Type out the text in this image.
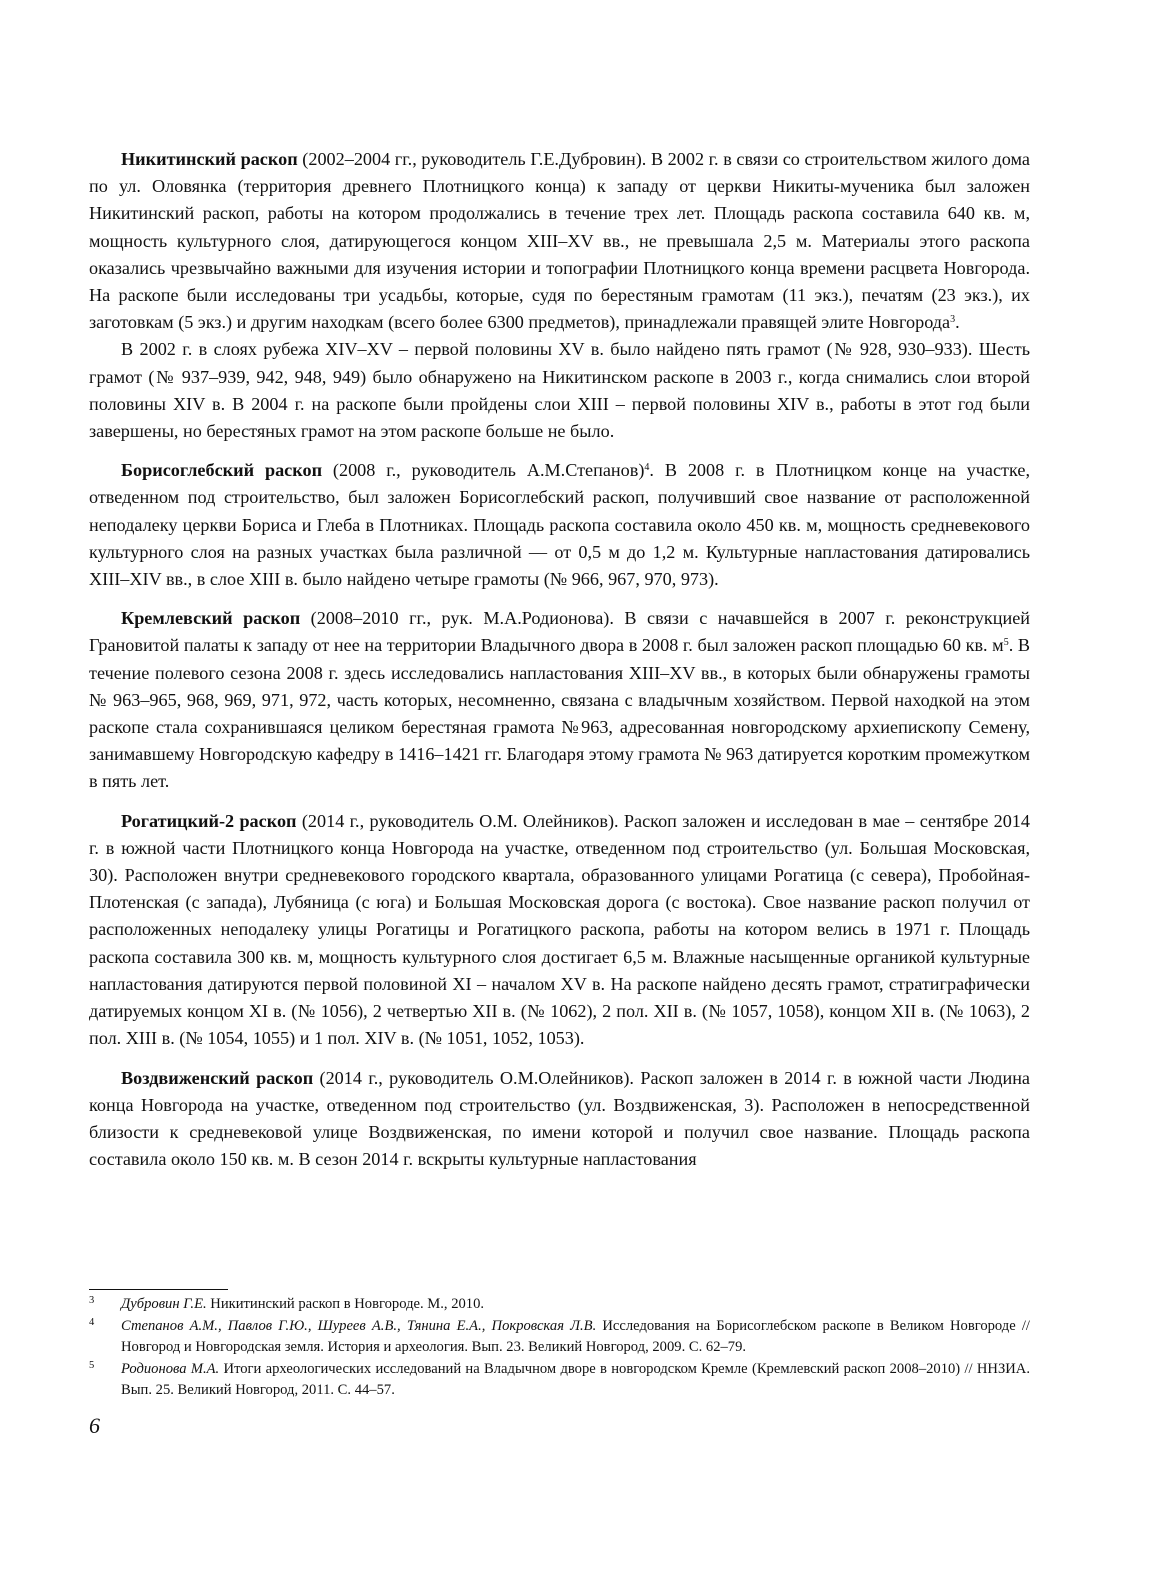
Никитинский раскоп (2002–2004 гг., руководитель Г.Е.Дубровин). В 2002 г. в связи со строительством жилого дома по ул. Оловянка (территория древнего Плотницкого конца) к западу от церкви Никиты-мученика был заложен Никитинский раскоп, работы на котором продолжались в течение трех лет. Площадь раскопа составила 640 кв. м, мощность культурного слоя, датирующегося концом XIII–XV вв., не превышала 2,5 м. Материалы этого раскопа оказались чрезвычайно важными для изучения истории и топографии Плотницкого конца времени расцвета Новгорода. На раскопе были исследованы три усадьбы, которые, судя по берестяным грамотам (11 экз.), печатям (23 экз.), их заготовкам (5 экз.) и другим находкам (всего более 6300 предметов), принадлежали правящей элите Новгорода$^3$.

В 2002 г. в слоях рубежа XIV–XV – первой половины XV в. было найдено пять грамот (№ 928, 930–933). Шесть грамот (№ 937–939, 942, 948, 949) было обнаружено на Никитинском раскопе в 2003 г., когда снимались слои второй половины XIV в. В 2004 г. на раскопе были пройдены слои XIII – первой половины XIV в., работы в этот год были завершены, но берестяных грамот на этом раскопе больше не было.

Борисоглебский раскоп (2008 г., руководитель А.М.Степанов)$^4$. В 2008 г. в Плотницком конце на участке, отведенном под строительство, был заложен Борисоглебский раскоп, получивший свое название от расположенной неподалеку церкви Бориса и Глеба в Плотниках. Площадь раскопа составила около 450 кв. м, мощность средневекового культурного слоя на разных участках была различной — от 0,5 м до 1,2 м. Культурные напластования датировались XIII–XIV вв., в слое XIII в. было найдено четыре грамоты (№ 966, 967, 970, 973).

Кремлевский раскоп (2008–2010 гг., рук. М.А.Родионова). В связи с начавшейся в 2007 г. реконструкцией Грановитой палаты к западу от нее на территории Владычного двора в 2008 г. был заложен раскоп площадью 60 кв. $м^5$. В течение полевого сезона 2008 г. здесь исследовались напластования XIII–XV вв., в которых были обнаружены грамоты № 963–965, 968, 969, 971, 972, часть которых, несомненно, связана с владычным хозяйством. Первой находкой на этом раскопе стала сохранившаяся целиком берестяная грамота №963, адресованная новгородскому архиепископу Семену, занимавшему Новгородскую кафедру в 1416–1421 гг. Благодаря этому грамота № 963 датируется коротким промежутком в пять лет.

Рогатицкий-2 раскоп (2014 г., руководитель О.М. Олейников). Раскоп заложен и исследован в мае – сентябре 2014 г. в южной части Плотницкого конца Новгорода на участке, отведенном под строительство (ул. Большая Московская, 30). Расположен внутри средневекового городского квартала, образованного улицами Рогатица (с севера), Пробойная-Плотенская (с запада), Лубяница (с юга) и Большая Московская дорога (с востока). Свое название раскоп получил от расположенных неподалеку улицы Рогатицы и Рогатицкого раскопа, работы на котором велись в 1971 г. Площадь раскопа составила 300 кв. м, мощность культурного слоя достигает 6,5 м. Влажные насыщенные органикой культурные напластования датируются первой половиной XI – началом XV в. На раскопе найдено десять грамот, стратиграфически датируемых концом XI в. (№ 1056), 2 четвертью XII в. (№ 1062), 2 пол. XII в. (№ 1057, 1058), концом XII в. (№ 1063), 2 пол. XIII в. (№ 1054, 1055) и 1 пол. XIV в. (№ 1051, 1052, 1053).

Воздвиженский раскоп (2014 г., руководитель О.М.Олейников). Раскоп заложен в 2014 г. в южной части Людина конца Новгорода на участке, отведенном под строительство (ул. Воздвиженская, 3). Расположен в непосредственной близости к средневековой улице Воздвиженская, по имени которой и получил свое название. Площадь раскопа составила около 150 кв. м. В сезон 2014 г. вскрыты культурные напластования

3 Дубровин Г.Е. Никитинский раскоп в Новгороде. М., 2010.
4 Степанов А.М., Павлов Г.Ю., Шуреев А.В., Тянина Е.А., Покровская Л.В. Исследования на Борисоглебском раскопе в Великом Новгороде // Новгород и Новгородская земля. История и археология. Вып. 23. Великий Новгород, 2009. С. 62–79.
5 Родионова М.А. Итоги археологических исследований на Владычном дворе в новгородском Кремле (Кремлевский раскоп 2008–2010) // НHЗИА. Вып. 25. Великий Новгород, 2011. С. 44–57.
6
